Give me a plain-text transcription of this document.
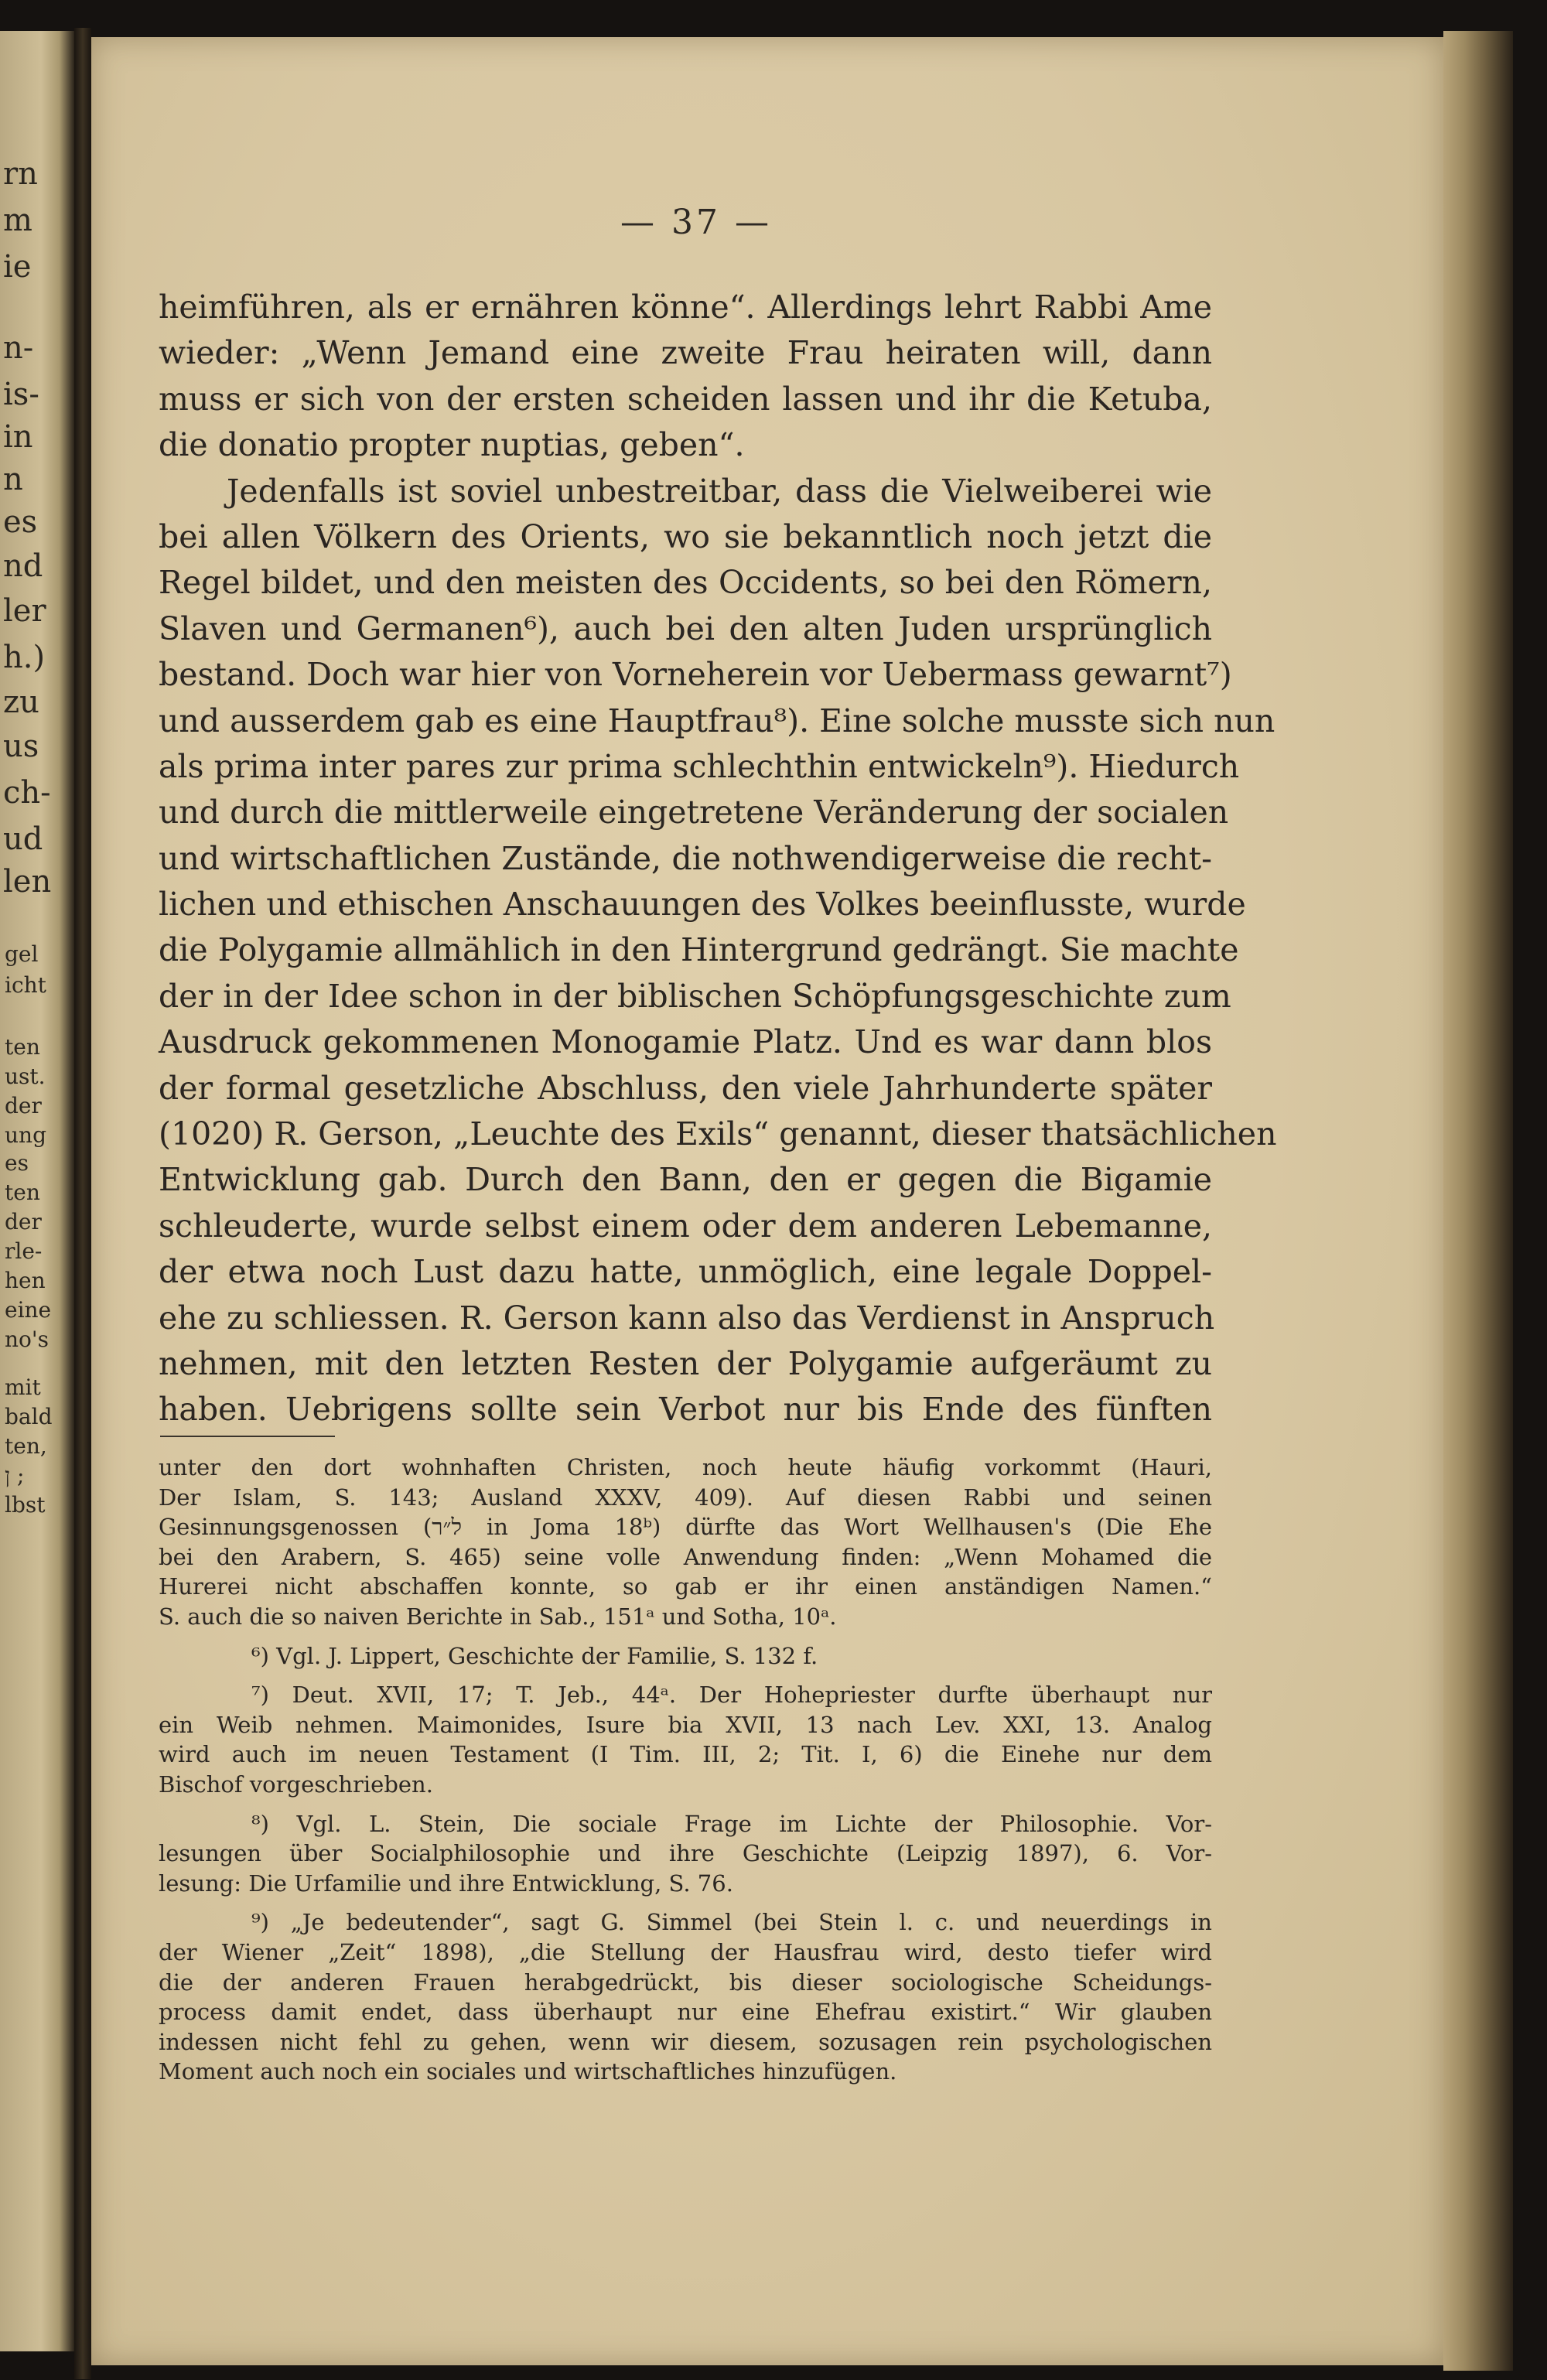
rn
m
ie
n-
is-
in
n
es
nd
ler
h.)
zu
us
ch-
ud
len
gel
icht
ten
ust.
der
ung
es
ten
der
rle-
hen
eine
no's
mit
bald
ten,
ן ;
lbst
— 37 —
heimführen, als er ernähren könne“. Allerdings lehrt Rabbi Ame
wieder: „Wenn Jemand eine zweite Frau heiraten will, dann
muss er sich von der ersten scheiden lassen und ihr die Ketuba,
die donatio propter nuptias, geben“.
Jedenfalls ist soviel unbestreitbar, dass die Vielweiberei wie
bei allen Völkern des Orients, wo sie bekanntlich noch jetzt die
Regel bildet, und den meisten des Occidents, so bei den Römern,
Slaven und Germanen⁶), auch bei den alten Juden ursprünglich
bestand. Doch war hier von Vorneherein vor Uebermass gewarnt⁷)
und ausserdem gab es eine Hauptfrau⁸). Eine solche musste sich nun
als prima inter pares zur prima schlechthin entwickeln⁹). Hiedurch
und durch die mittlerweile eingetretene Veränderung der socialen
und wirtschaftlichen Zustände, die nothwendigerweise die recht-
lichen und ethischen Anschauungen des Volkes beeinflusste, wurde
die Polygamie allmählich in den Hintergrund gedrängt. Sie machte
der in der Idee schon in der biblischen Schöpfungsgeschichte zum
Ausdruck gekommenen Monogamie Platz. Und es war dann blos
der formal gesetzliche Abschluss, den viele Jahrhunderte später
(1020) R. Gerson, „Leuchte des Exils“ genannt, dieser thatsächlichen
Entwicklung gab. Durch den Bann, den er gegen die Bigamie
schleuderte, wurde selbst einem oder dem anderen Lebemanne,
der etwa noch Lust dazu hatte, unmöglich, eine legale Doppel-
ehe zu schliessen. R. Gerson kann also das Verdienst in Anspruch
nehmen, mit den letzten Resten der Polygamie aufgeräumt zu
haben. Uebrigens sollte sein Verbot nur bis Ende des fünften
unter den dort wohnhaften Christen, noch heute häufig vorkommt (Hauri,
Der Islam, S. 143; Ausland XXXV, 409). Auf diesen Rabbi und seinen
Gesinnungsgenossen (ל״ר in Joma 18ᵇ) dürfte das Wort Wellhausen's (Die Ehe
bei den Arabern, S. 465) seine volle Anwendung finden: „Wenn Mohamed die
Hurerei nicht abschaffen konnte, so gab er ihr einen anständigen Namen.“
S. auch die so naiven Berichte in Sab., 151ᵃ und Sotha, 10ᵃ.
⁶) Vgl. J. Lippert, Geschichte der Familie, S. 132 f.
⁷) Deut. XVII, 17; T. Jeb., 44ᵃ. Der Hohepriester durfte überhaupt nur
ein Weib nehmen. Maimonides, Isure bia XVII, 13 nach Lev. XXI, 13. Analog
wird auch im neuen Testament (I Tim. III, 2; Tit. I, 6) die Einehe nur dem
Bischof vorgeschrieben.
⁸) Vgl. L. Stein, Die sociale Frage im Lichte der Philosophie. Vor-
lesungen über Socialphilosophie und ihre Geschichte (Leipzig 1897), 6. Vor-
lesung: Die Urfamilie und ihre Entwicklung, S. 76.
⁹) „Je bedeutender“, sagt G. Simmel (bei Stein l. c. und neuerdings in
der Wiener „Zeit“ 1898), „die Stellung der Hausfrau wird, desto tiefer wird
die der anderen Frauen herabgedrückt, bis dieser sociologische Scheidungs-
process damit endet, dass überhaupt nur eine Ehefrau existirt.“ Wir glauben
indessen nicht fehl zu gehen, wenn wir diesem, sozusagen rein psychologischen
Moment auch noch ein sociales und wirtschaftliches hinzufügen.
